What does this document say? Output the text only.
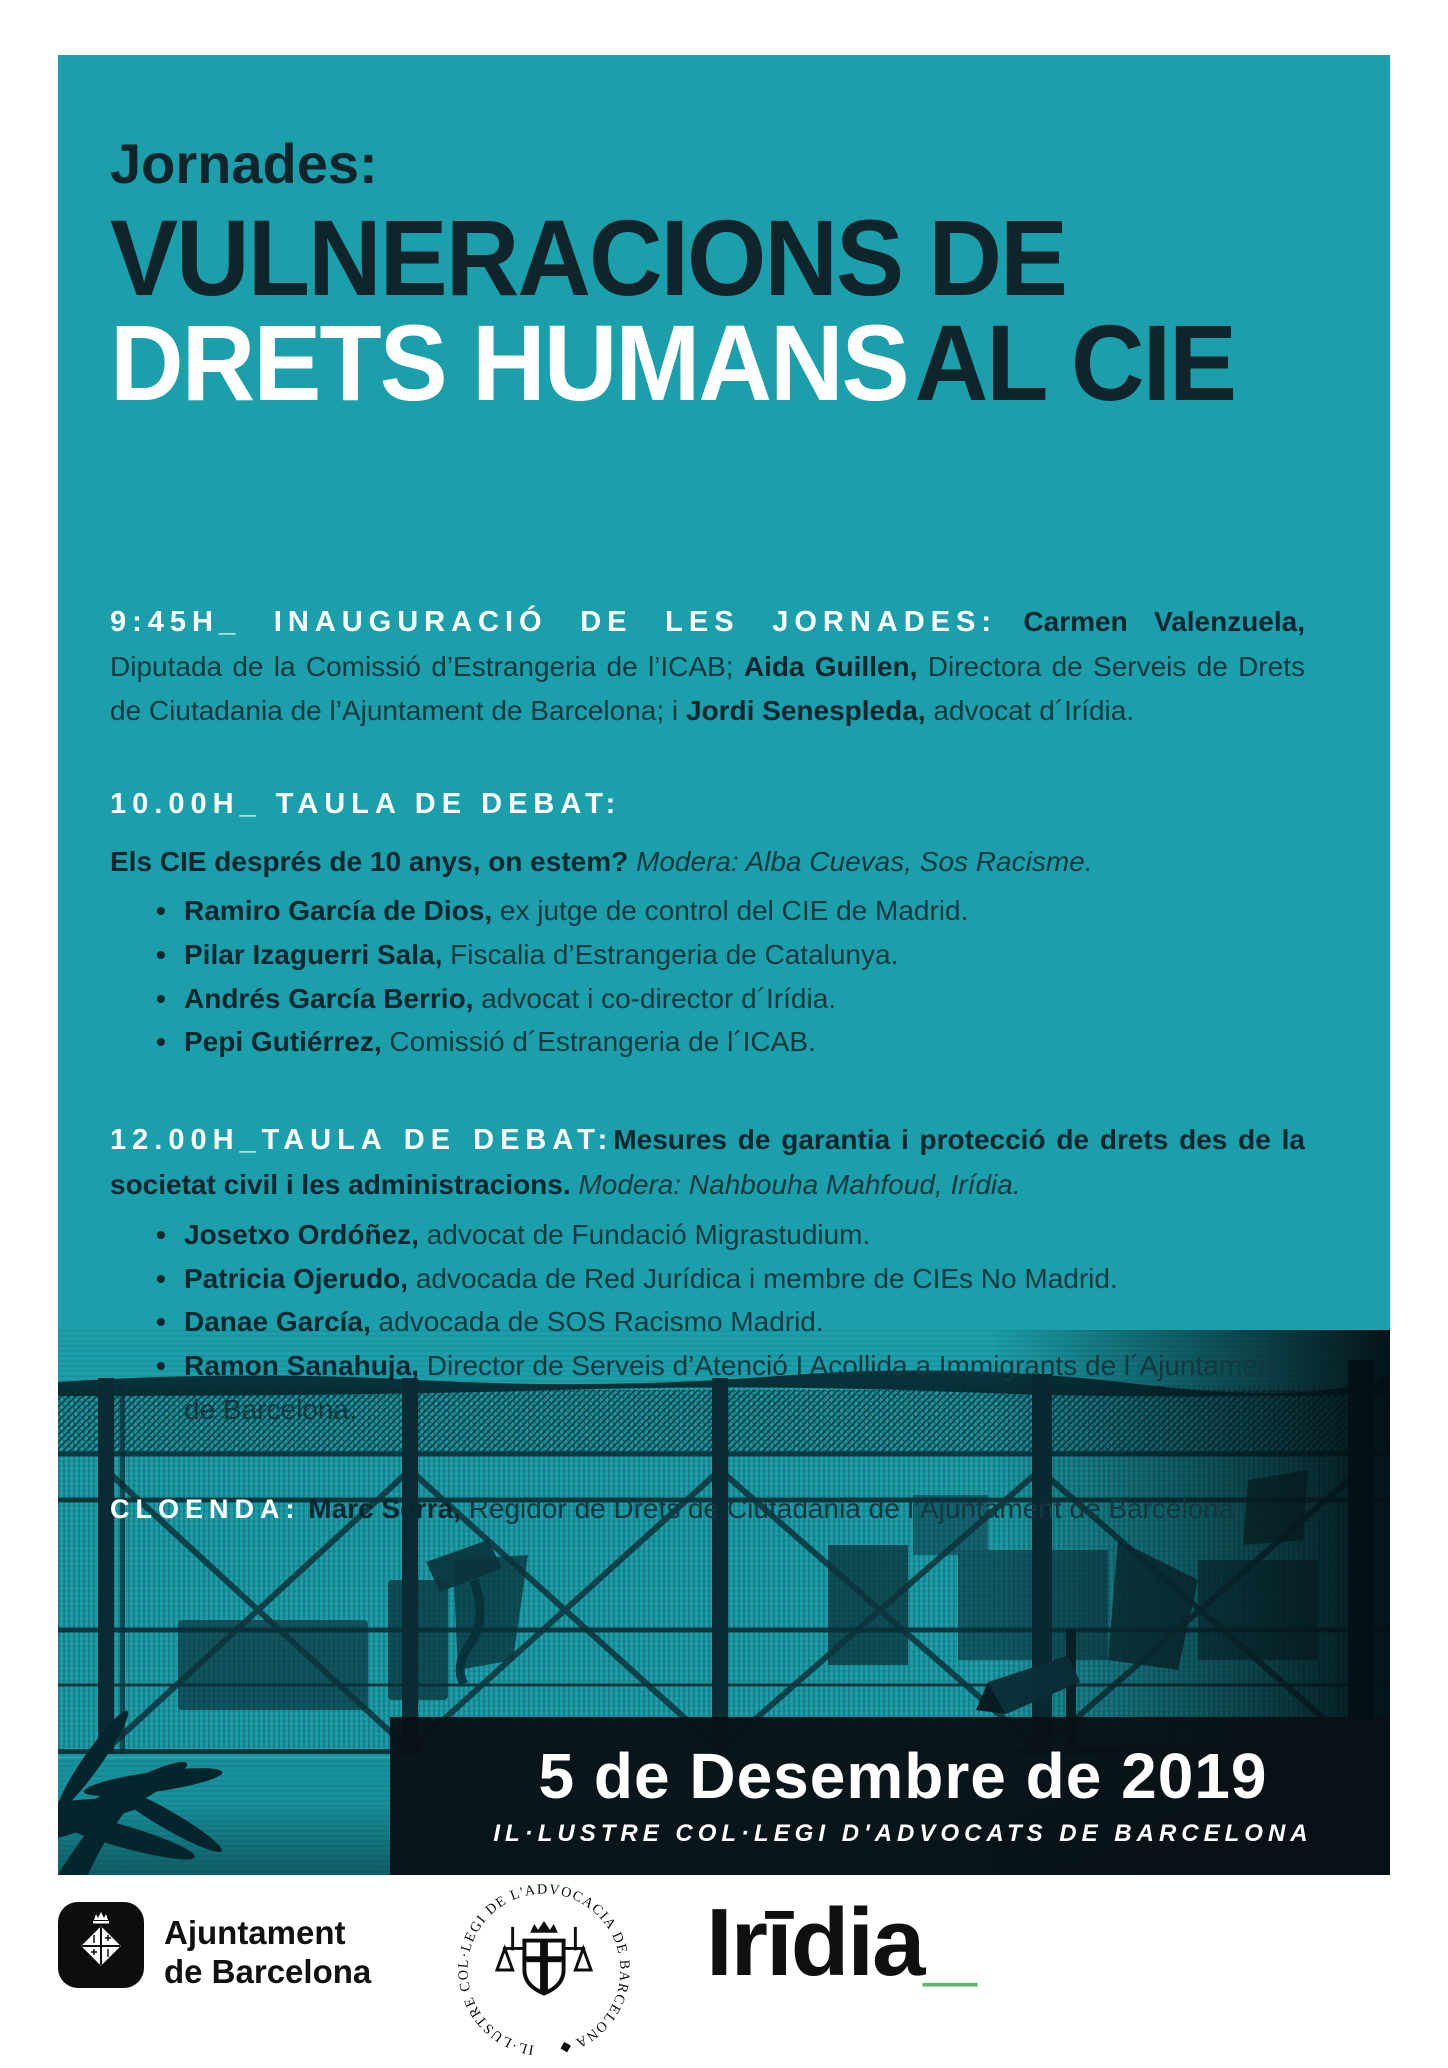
Jornades:
VULNERACIONS DE
DRETS HUMANS AL CIE

9:45H_ INAUGURACIÓ DE LES JORNADES: Carmen Valenzuela, Diputada de la Comissió d’Estrangeria de l’ICAB; Aida Guillen, Directora de Serveis de Drets de Ciutadania de l’Ajuntament de Barcelona; i Jordi Senespleda, advocat d´Irídia.

10.00H_ TAULA DE DEBAT:
Els CIE després de 10 anys, on estem? Modera: Alba Cuevas, Sos Racisme.
• Ramiro García de Dios, ex jutge de control del CIE de Madrid.
• Pilar Izaguerri Sala, Fiscalia d’Estrangeria de Catalunya.
• Andrés García Berrio, advocat i co-director d´Irídia.
• Pepi Gutiérrez, Comissió d´Estrangeria de l´ICAB.

12.00H_TAULA DE DEBAT:Mesures de garantia i protecció de drets des de la societat civil i les administracions. Modera: Nahbouha Mahfoud, Irídia.

• Josetxo Ordóñez, advocat de Fundació Migrastudium.
• Patricia Ojerudo, advocada de Red Jurídica i membre de CIEs No Madrid.
• Danae García, advocada de SOS Racismo Madrid.
• Ramon Sanahuja, Director de Serveis d’Atenció I Acollida a Immigrants de l´Ajuntament de Barcelona.

CLOENDA: Marc Serra, Regidor de Drets de Ciutadania de l’Ajuntament de Barcelona.

5 de Desembre de 2019
IL·LUSTRE COL·LEGI D'ADVOCATS DE BARCELONA
Ajuntament
de Barcelona
IL·LUSTRE COL·LEGI DE L'ADVOCACIA DE BARCELONA ◆
Irīdia_
